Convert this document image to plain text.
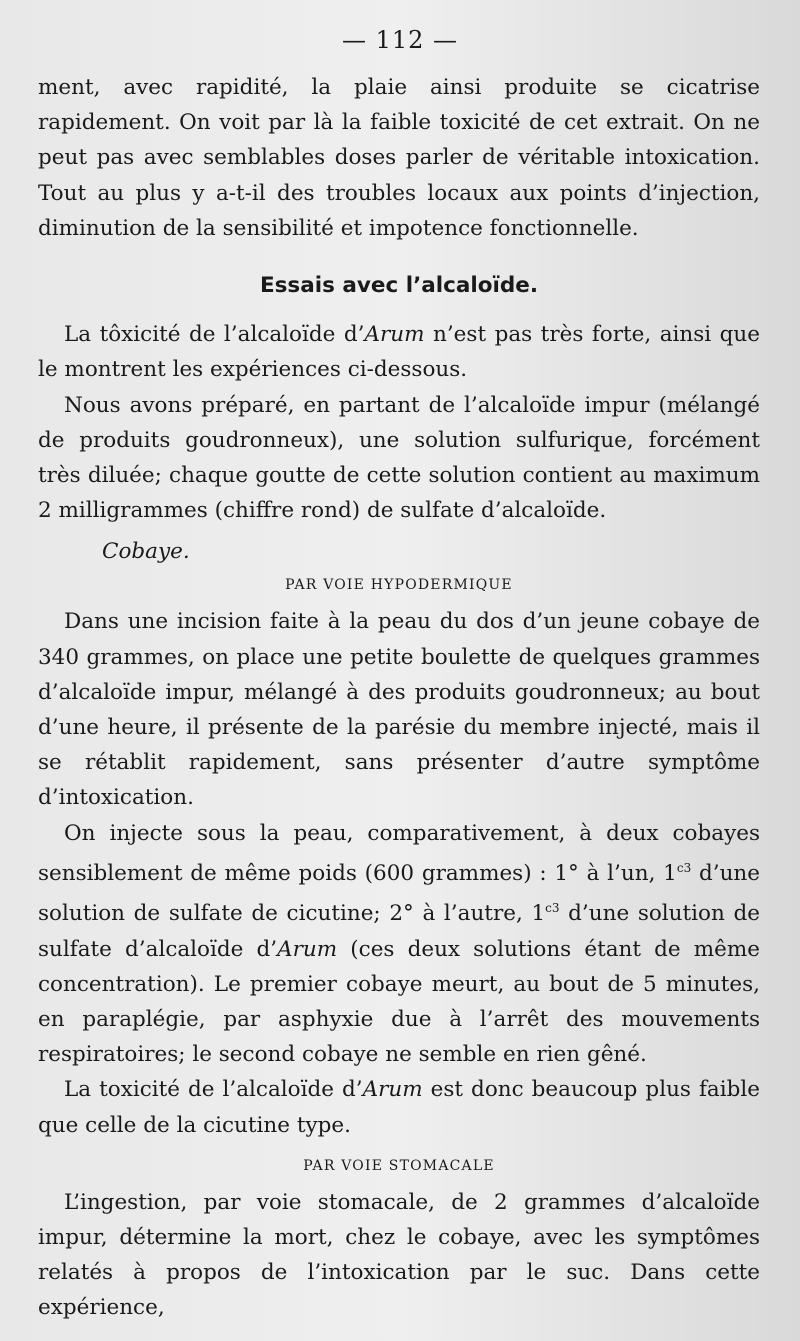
— 112 —

ment, avec rapidité, la plaie ainsi produite se cicatrise rapidement. On voit par là la faible toxicité de cet extrait. On ne peut pas avec semblables doses parler de véritable intoxication. Tout au plus y a-t-il des troubles locaux aux points d’injection, diminution de la sensibilité et impotence fonctionnelle.

Essais avec l’alcaloïde.

La tôxicité de l’alcaloïde d’Arum n’est pas très forte, ainsi que le montrent les expériences ci-dessous.

Nous avons préparé, en partant de l’alcaloïde impur (mélangé de produits goudronneux), une solution sulfurique, forcément très diluée; chaque goutte de cette solution contient au maximum 2 milligrammes (chiffre rond) de sulfate d’alcaloïde.

Cobaye.
PAR VOIE HYPODERMIQUE

Dans une incision faite à la peau du dos d’un jeune cobaye de 340 grammes, on place une petite boulette de quelques grammes d’alcaloïde impur, mélangé à des produits goudronneux; au bout d’une heure, il présente de la parésie du membre injecté, mais il se rétablit rapidement, sans présenter d’autre symptôme d’intoxication.

On injecte sous la peau, comparativement, à deux cobayes sensiblement de même poids (600 grammes) : 1° à l’un, $1^{c3}$ d’une solution de sulfate de cicutine; 2° à l’autre, $1^{c3}$ d’une solution de sulfate d’alcaloïde d’Arum (ces deux solutions étant de même concentration). Le premier cobaye meurt, au bout de 5 minutes, en paraplégie, par asphyxie due à l’arrêt des mouvements respiratoires; le second cobaye ne semble en rien gêné.

La toxicité de l’alcaloïde d’Arum est donc beaucoup plus faible que celle de la cicutine type.

PAR VOIE STOMACALE

L’ingestion, par voie stomacale, de 2 grammes d’alcaloïde impur, détermine la mort, chez le cobaye, avec les symptômes relatés à propos de l’intoxication par le suc. Dans cette expérience,
